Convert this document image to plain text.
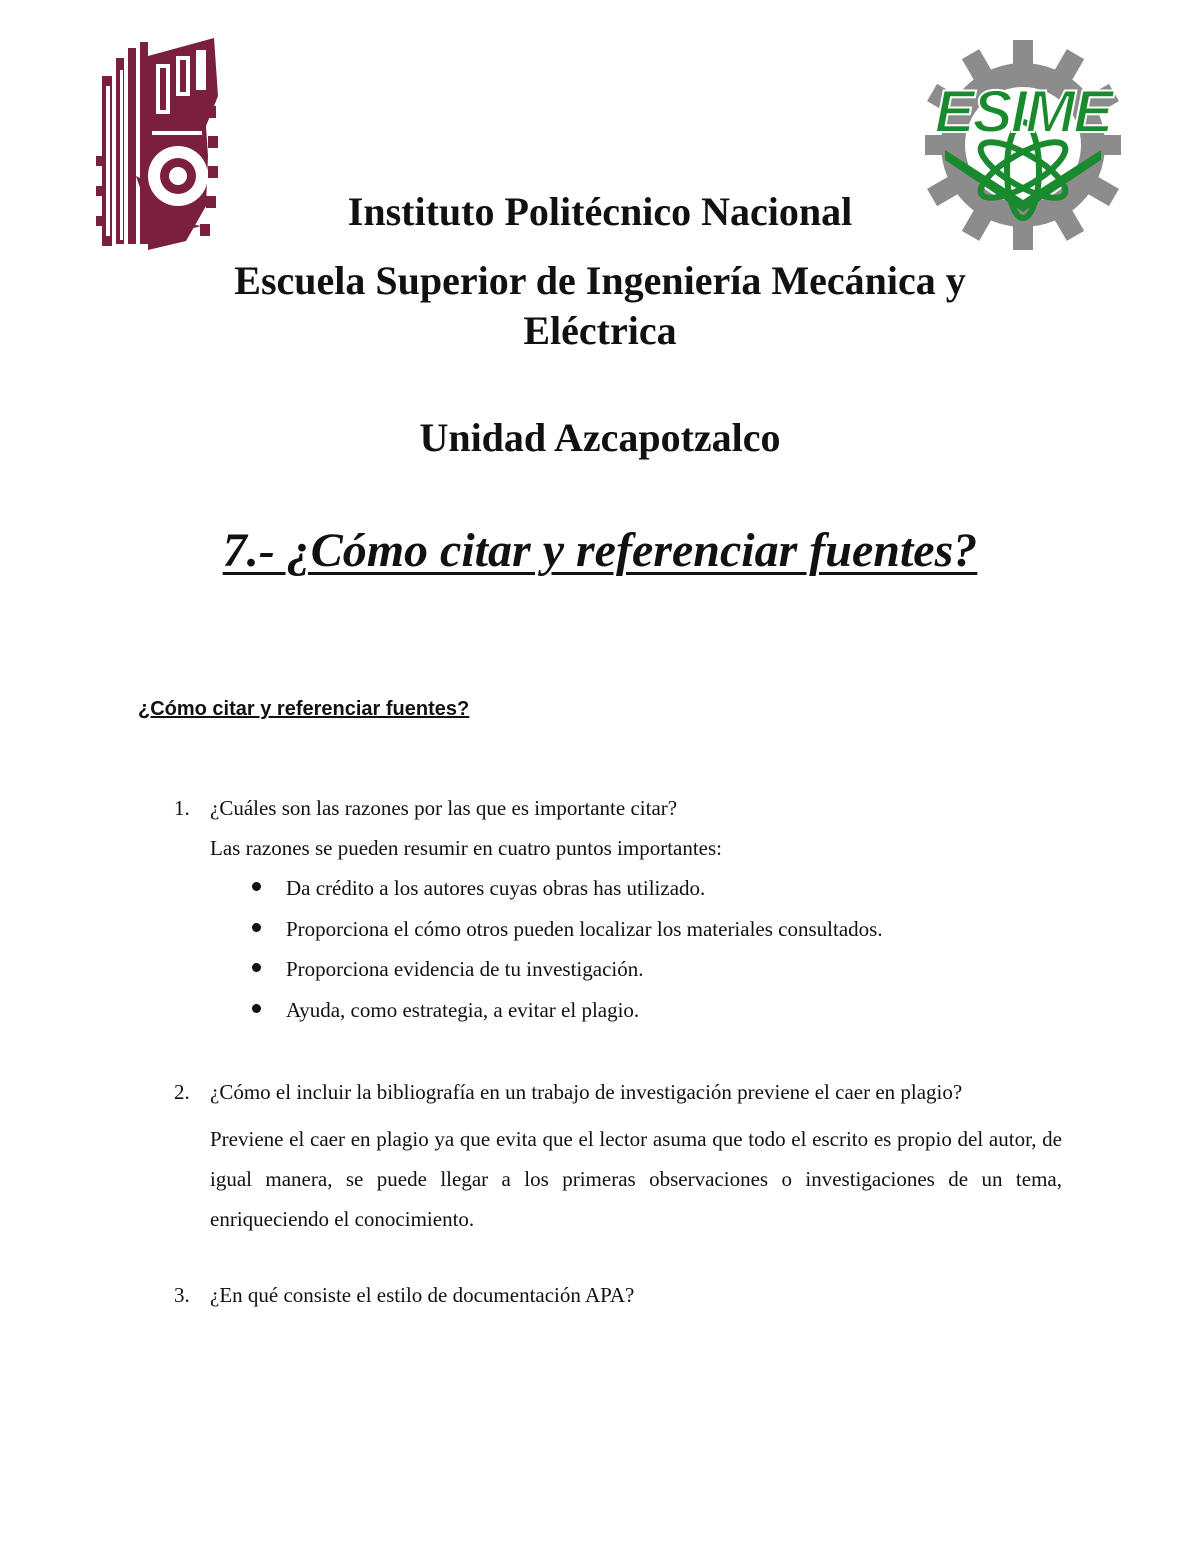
ESIME
Instituto Politécnico Nacional
Escuela Superior de Ingeniería Mecánica y
Eléctrica
Unidad Azcapotzalco
7.- ¿Cómo citar y referenciar fuentes?
¿Cómo citar y referenciar fuentes?
1. ¿Cuáles son las razones por las que es importante citar?
Las razones se pueden resumir en cuatro puntos importantes:
Da crédito a los autores cuyas obras has utilizado.
Proporciona el cómo otros pueden localizar los materiales consultados.
Proporciona evidencia de tu investigación.
Ayuda, como estrategia, a evitar el plagio.
2. ¿Cómo el incluir la bibliografía en un trabajo de investigación previene el caer en plagio?
Previene el caer en plagio ya que evita que el lector asuma que todo el escrito es propio del autor, de igual manera, se puede llegar a los primeras observaciones o investigaciones de un tema, enriqueciendo el conocimiento.
3. ¿En qué consiste el estilo de documentación APA?
